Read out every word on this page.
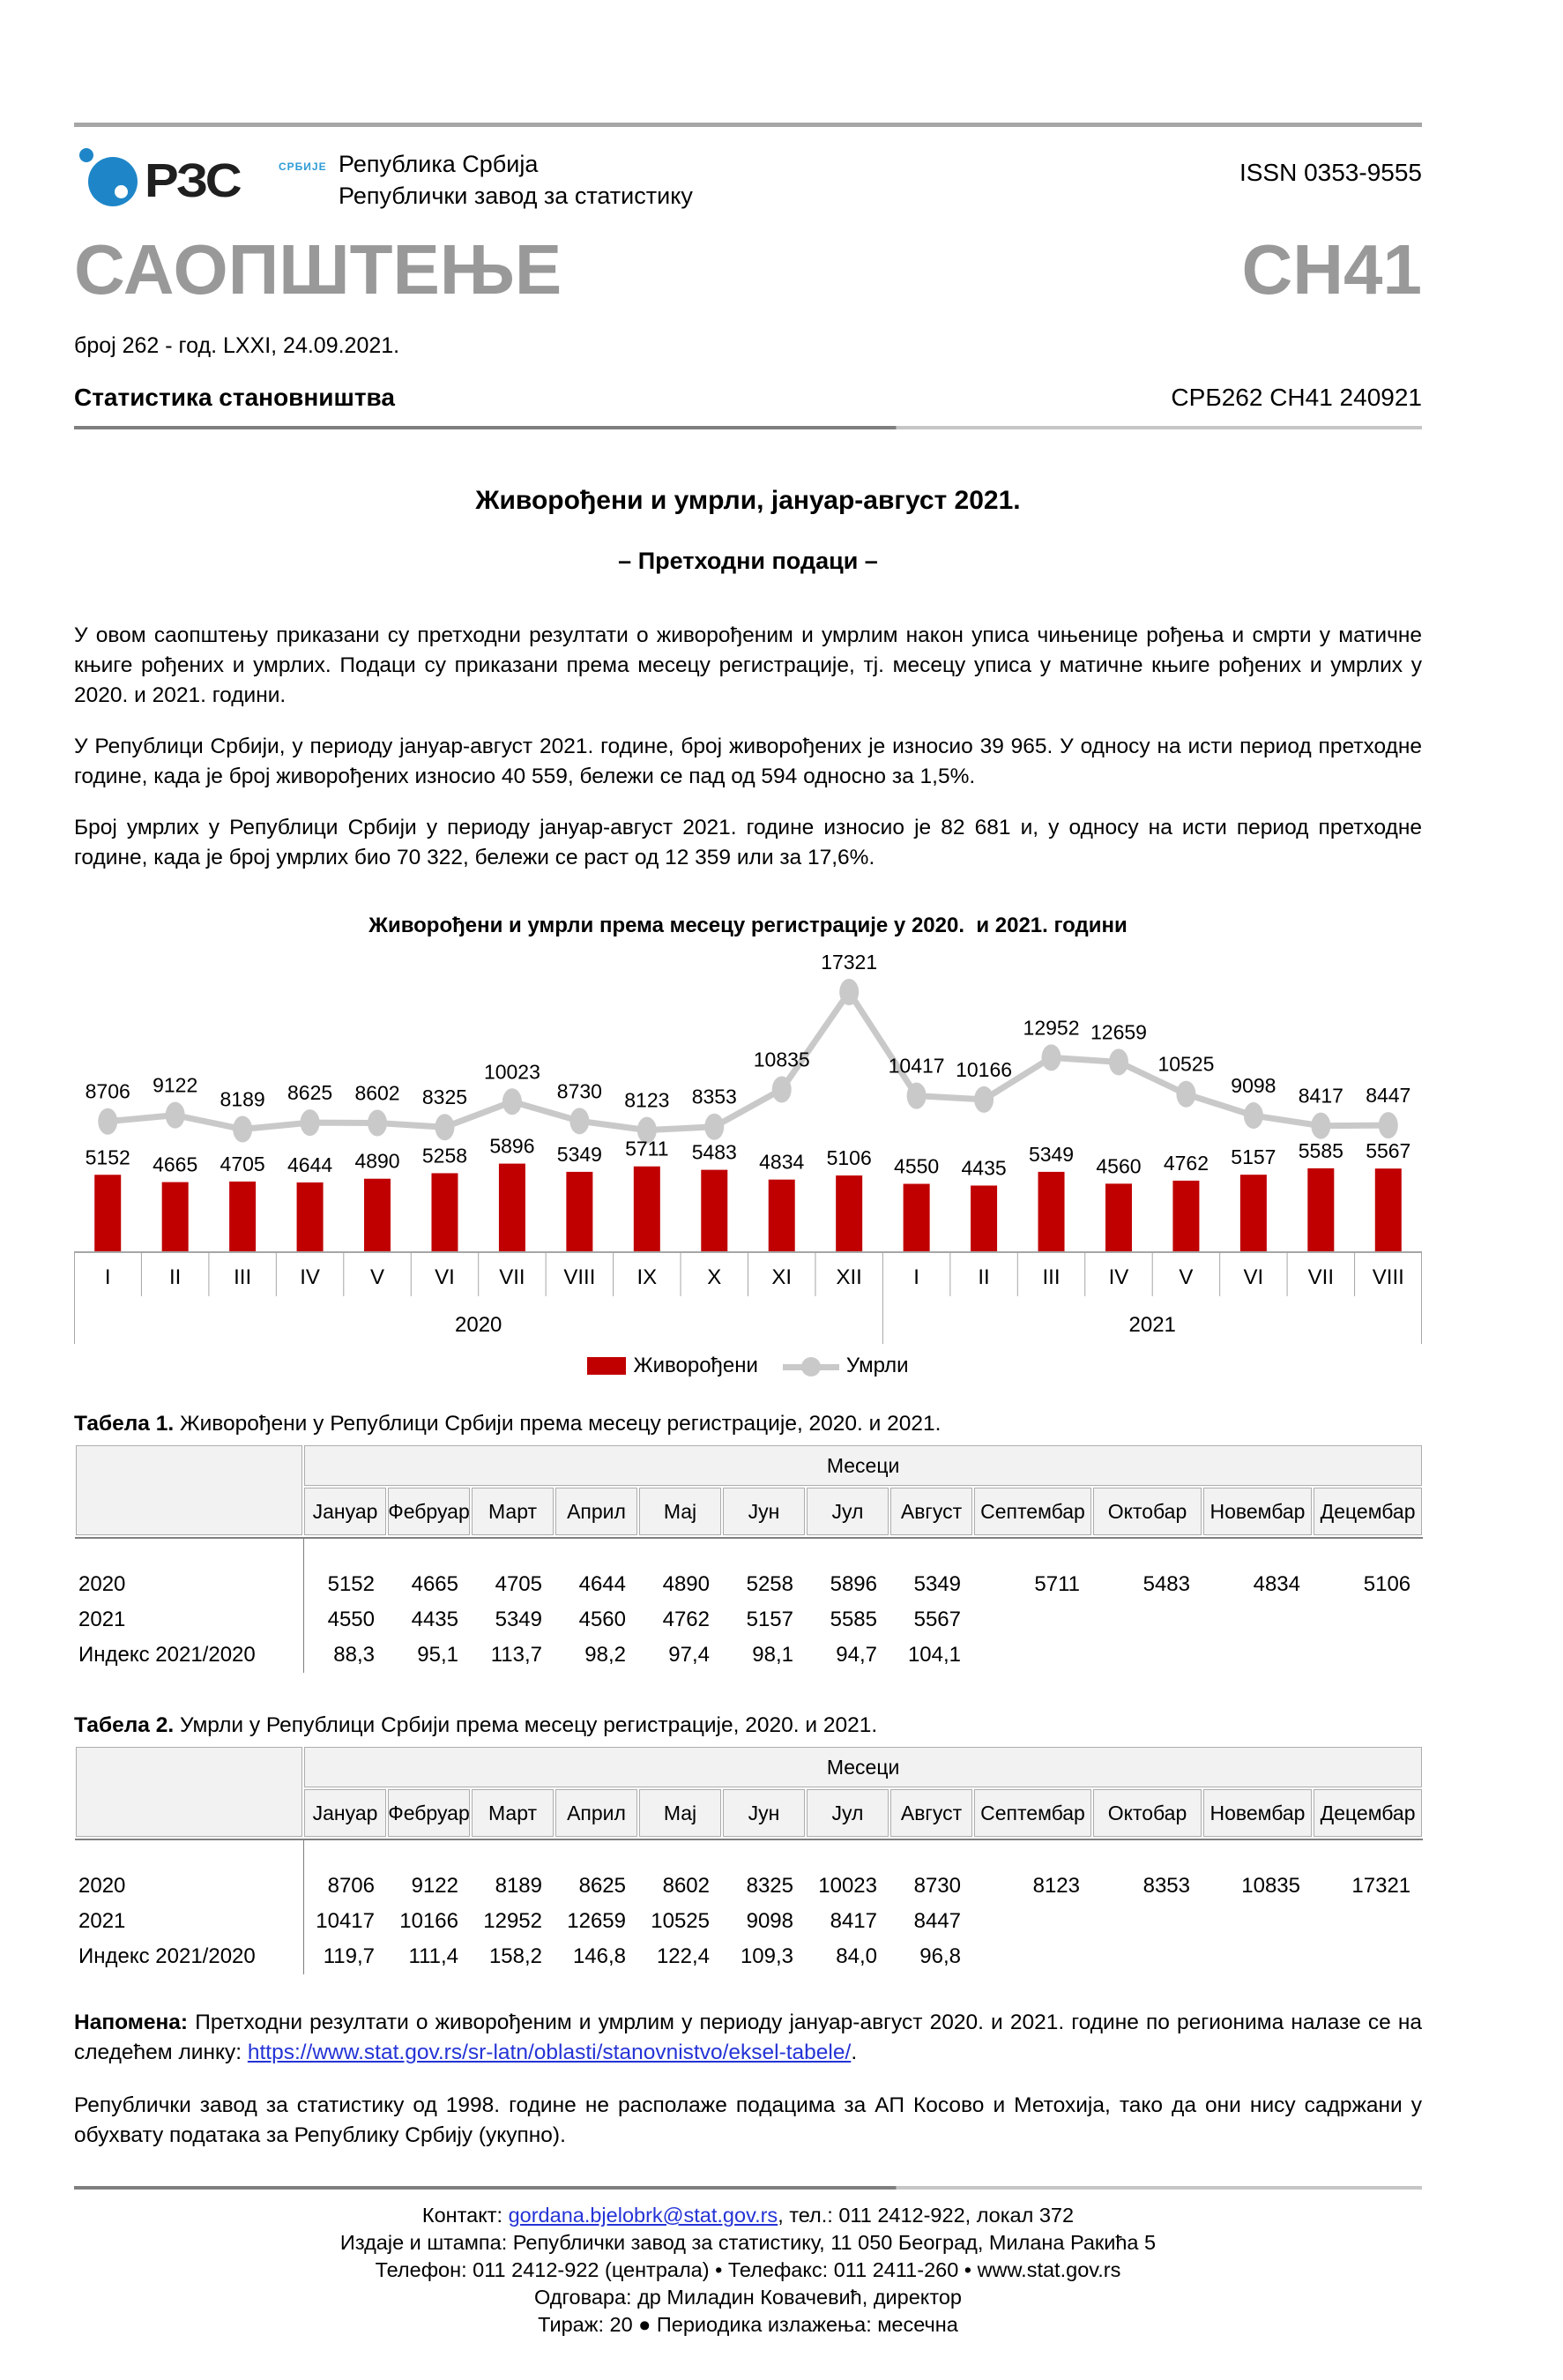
РЗС	СРБИЈЕ Република Србија
Републички завод за статистику
ISSN 0353-9555
САОПШТЕЊЕ	СН41
број 262 - год. LXXI, 24.09.2021.
Статистика становништва	СРБ262 СН41 240921
Живорођени и умрли, јануар-август 2021.
– Претходни подаци –

У овом саопштењу приказани су претходни резултати о живорођеним и умрлим након уписа чињенице рођења и смрти у матичне књиге рођених и умрлих. Подаци су приказани према месецу регистрације, тј. месецу уписа у матичне књиге рођених и умрлих у 2020. и 2021. години.

У Републици Србији, у периоду јануар-август 2021. године, број живорођених је износио 39 965. У односу на исти период претходне године, када је број живорођених износио 40 559, бележи се пад од 594 односно за 1,5%.

Број умрлих у Републици Србији у периоду јануар-август 2021. године износио је 82 681 и, у односу на исти период претходне године, када је број умрлих био 70 322, бележи се раст од 12 359 или за 17,6%.

Живорођени и умрли према месецу регистрације у 2020.  и 2021. години
5152 4665 4705 4644 4890 5258 5896 5349 5711 5483 4834 5106 4550 4435
5349
4560 4762 5157 5585 5567
8706 9122
8189 8625 8602 8325
10023
8730 8123 8353
10835
17321
10417 10166
12952 12659
10525
9098 8417 8447
I	II III IV V VI VII VIII IX X XI XII I	II III IV V VI VII VIII
2020	2021
Живорођени	Умрли
Табела 1. Живорођени у Републици Србији према месецу регистрације, 2020. и 2021.
	Месеци											
	Јануар	Фебруар	Март	Април	Мај	Јун	Јул	Август	Септембар	Октобар	Новембар	Децембар

2020	5152	4665	4705	4644	4890	5258	5896	5349	5711	5483	4834	5106
2021	4550	4435	5349	4560	4762	5157	5585	5567				
Индекс 2021/2020	88,3	95,1	113,7	98,2	97,4	98,1	94,7	104,1				
Табела 2. Умрли у Републици Србији према месецу регистрације, 2020. и 2021.
	Месеци											
	Јануар	Фебруар	Март	Април	Мај	Јун	Јул	Август	Септембар	Октобар	Новембар	Децембар

2020	8706	9122	8189	8625	8602	8325	10023	8730	8123	8353	10835	17321
2021	10417	10166	12952	12659	10525	9098	8417	8447				
Индекс 2021/2020	119,7	111,4	158,2	146,8	122,4	109,3	84,0	96,8				

Напомена: Претходни резултати о живорођеним и умрлим у периоду јануар-август 2020. и 2021. године по регионима налазе се на следећем линку: https://www.stat.gov.rs/sr-latn/oblasti/stanovnistvo/eksel-tabele/.

Републички завод за статистику од 1998. године не располаже подацима за АП Косово и Метохија, тако да они нису садржани у обухвату података за Републику Србију (укупно).

Контакт: gordana.bjelobrk@stat.gov.rs, тел.: 011 2412-922, локал 372
Издаје и штампа: Републички завод за статистику, 11 050 Београд, Милана Ракића 5
Телефон: 011 2412-922 (централа) • Телефакс: 011 2411-260 • www.stat.gov.rs
Одговара: др Миладин Ковачевић, директор
Тираж: 20 ● Периодика излажења: месечна
